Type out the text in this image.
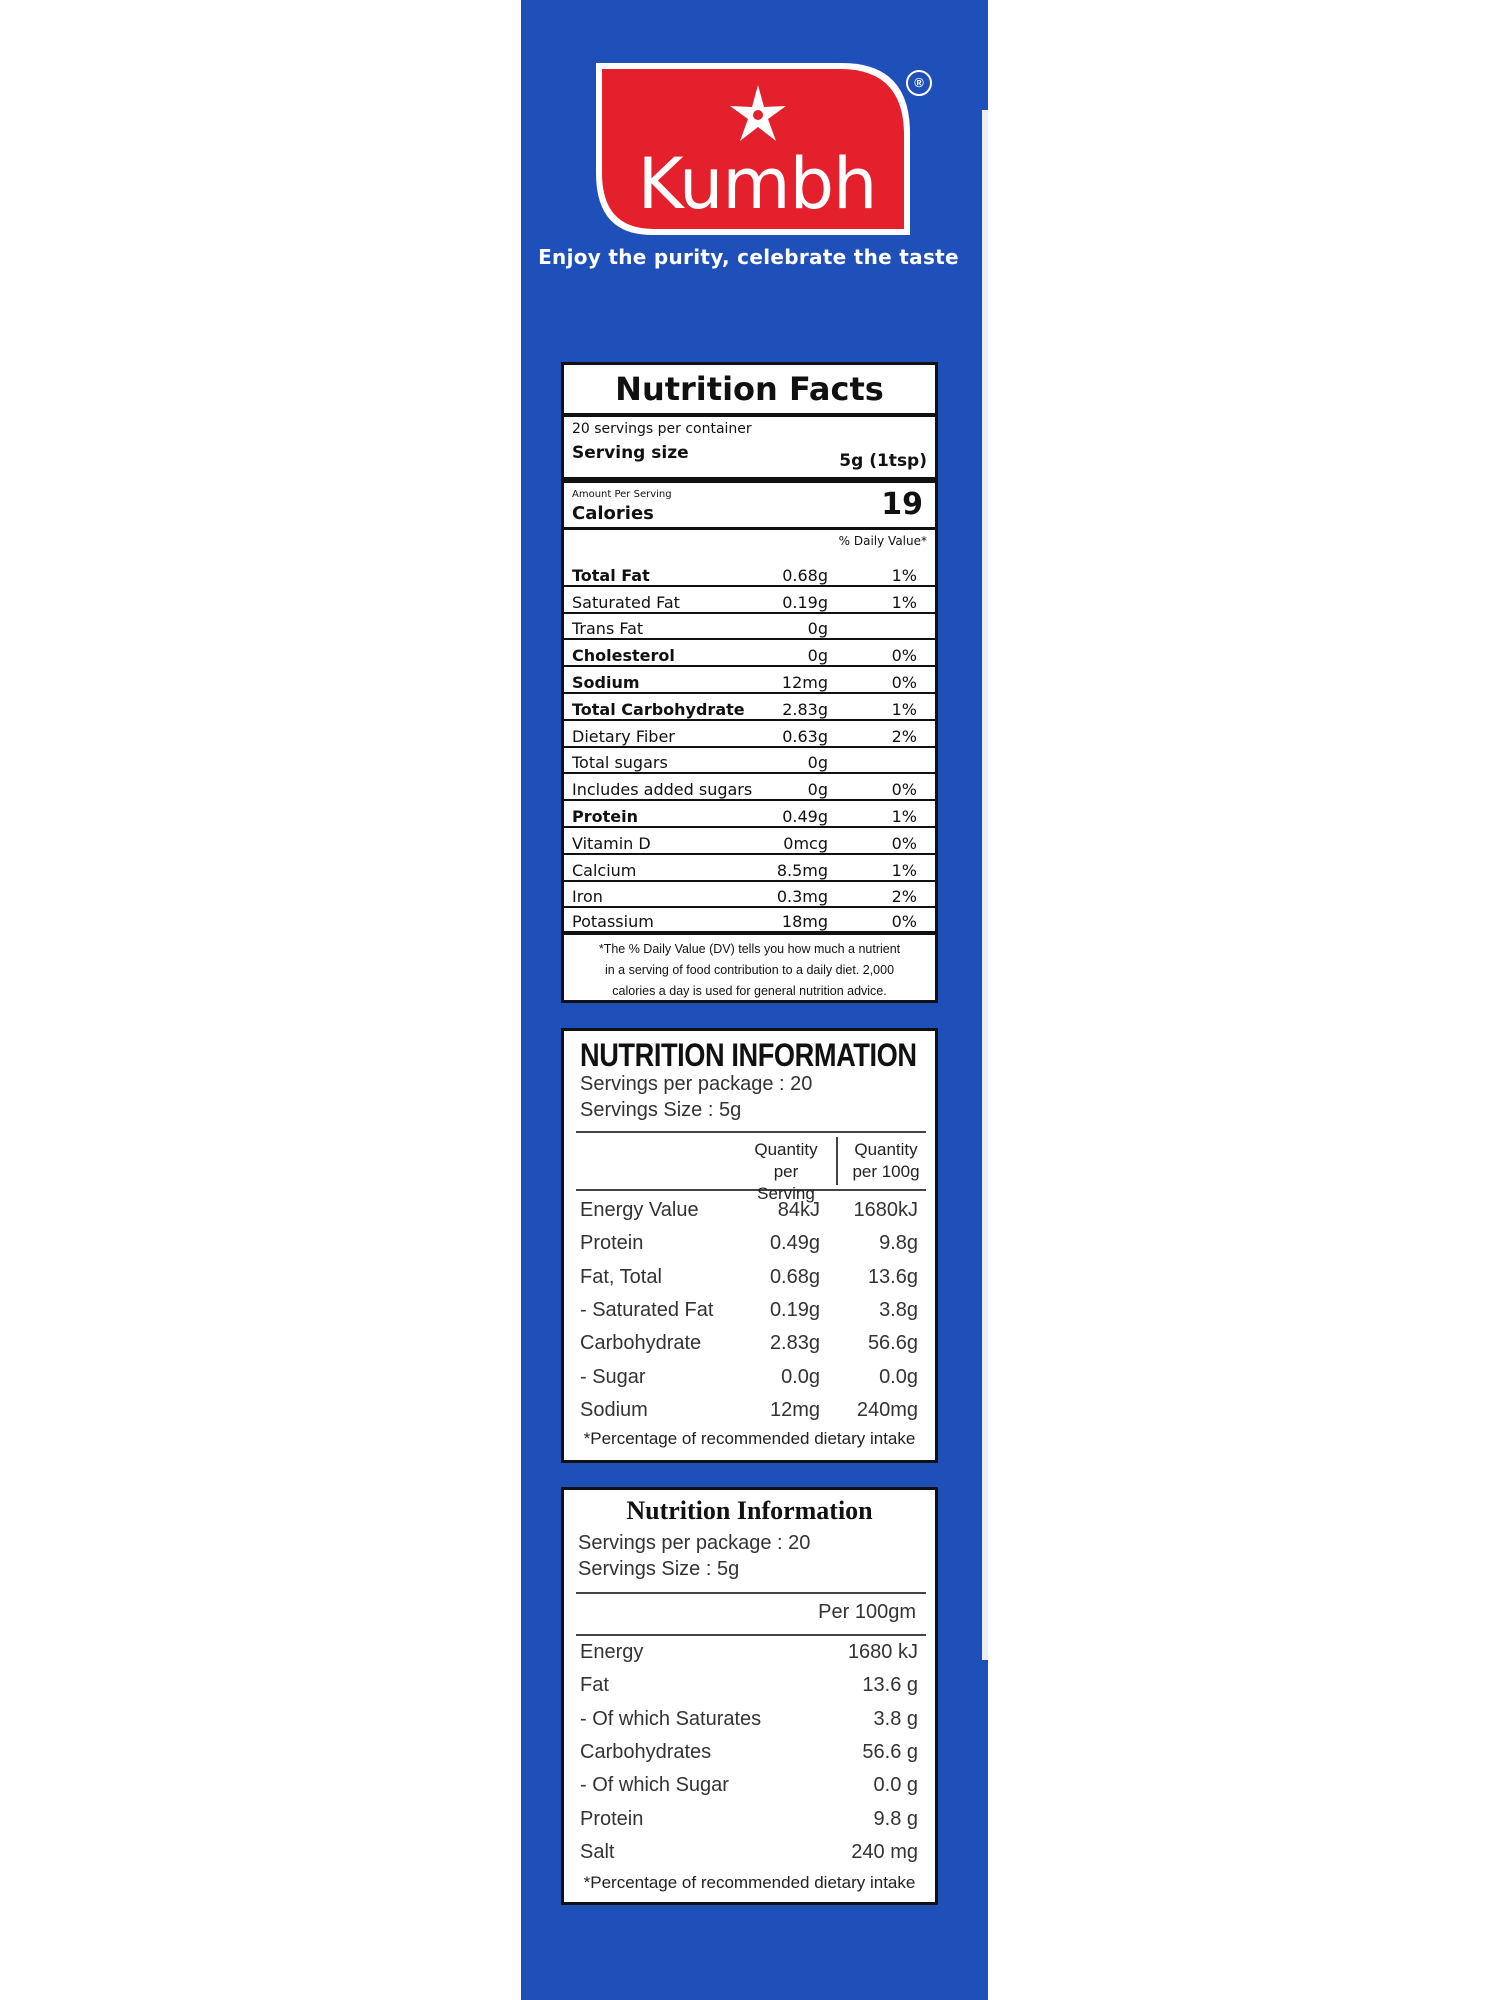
Kumbh
®
Enjoy the purity, celebrate the taste
Nutrition Facts
20 servings per container
Serving size	5g (1tsp)
Amount Per Serving
Calories	19
% Daily Value*
Total Fat	0.68g	1%
Saturated Fat	0.19g	1%
Trans Fat	0g
Cholesterol	0g	0%
Sodium	12mg	0%
Total Carbohydrate	2.83g	1%
Dietary Fiber	0.63g	2%
Total sugars	0g
Includes added sugars	0g	0%
Protein	0.49g	1%
Vitamin D	0mcg	0%
Calcium	8.5mg	1%
Iron	0.3mg	2%
Potassium	18mg	0%
*The % Daily Value (DV) tells you how much a nutrient
in a serving of food contribution to a daily diet. 2,000
calories a day is used for general nutrition advice.
NUTRITION INFORMATION
Servings per package : 20
Servings Size : 5g
Quantity
per Serving
Quantity
per 100g
Energy Value	84kJ	1680kJ
Protein	0.49g	9.8g
Fat, Total	0.68g	13.6g
- Saturated Fat	0.19g	3.8g
Carbohydrate	2.83g	56.6g
- Sugar	0.0g	0.0g
Sodium	12mg	240mg
*Percentage of recommended dietary intake
Nutrition Information
Servings per package : 20
Servings Size : 5g
Per 100gm
Energy	1680 kJ
Fat	13.6 g
- Of which Saturates	3.8 g
Carbohydrates	56.6 g
- Of which Sugar	0.0 g
Protein	9.8 g
Salt	240 mg
*Percentage of recommended dietary intake
